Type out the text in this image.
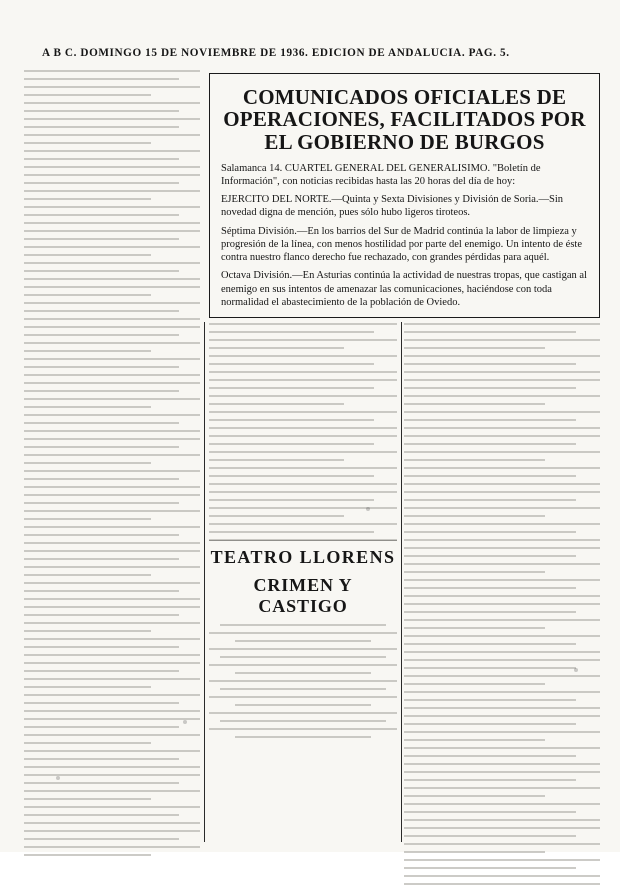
A B C. DOMINGO 15 DE NOVIEMBRE DE 1936. EDICION DE ANDALUCIA. PAG. 5.
COMUNICADOS OFICIALES DE OPERACIONES, FACILITADOS POR EL GOBIERNO DE BURGOS
Salamanca 14. CUARTEL GENERAL DEL GENERALISIMO. "Boletín de Información", con noticias recibidas hasta las 20 horas del día de hoy:
EJERCITO DEL NORTE.—Quinta y Sexta Divisiones y División de Soria.—Sin novedad digna de mención, pues sólo hubo ligeros tiroteos.
Séptima División.—En los barrios del Sur de Madrid continúa la labor de limpieza y progresión de la línea, con menos hostilidad por parte del enemigo. Un intento de éste contra nuestro flanco derecho fue rechazado, con grandes pérdidas para aquél.
Octava División.—En Asturias continúa la actividad de nuestras tropas, que castigan al enemigo en sus intentos de amenazar las comunicaciones, haciéndose con toda normalidad el abastecimiento de la población de Oviedo.
TEATRO LLORENS
CRIMEN Y CASTIGO
